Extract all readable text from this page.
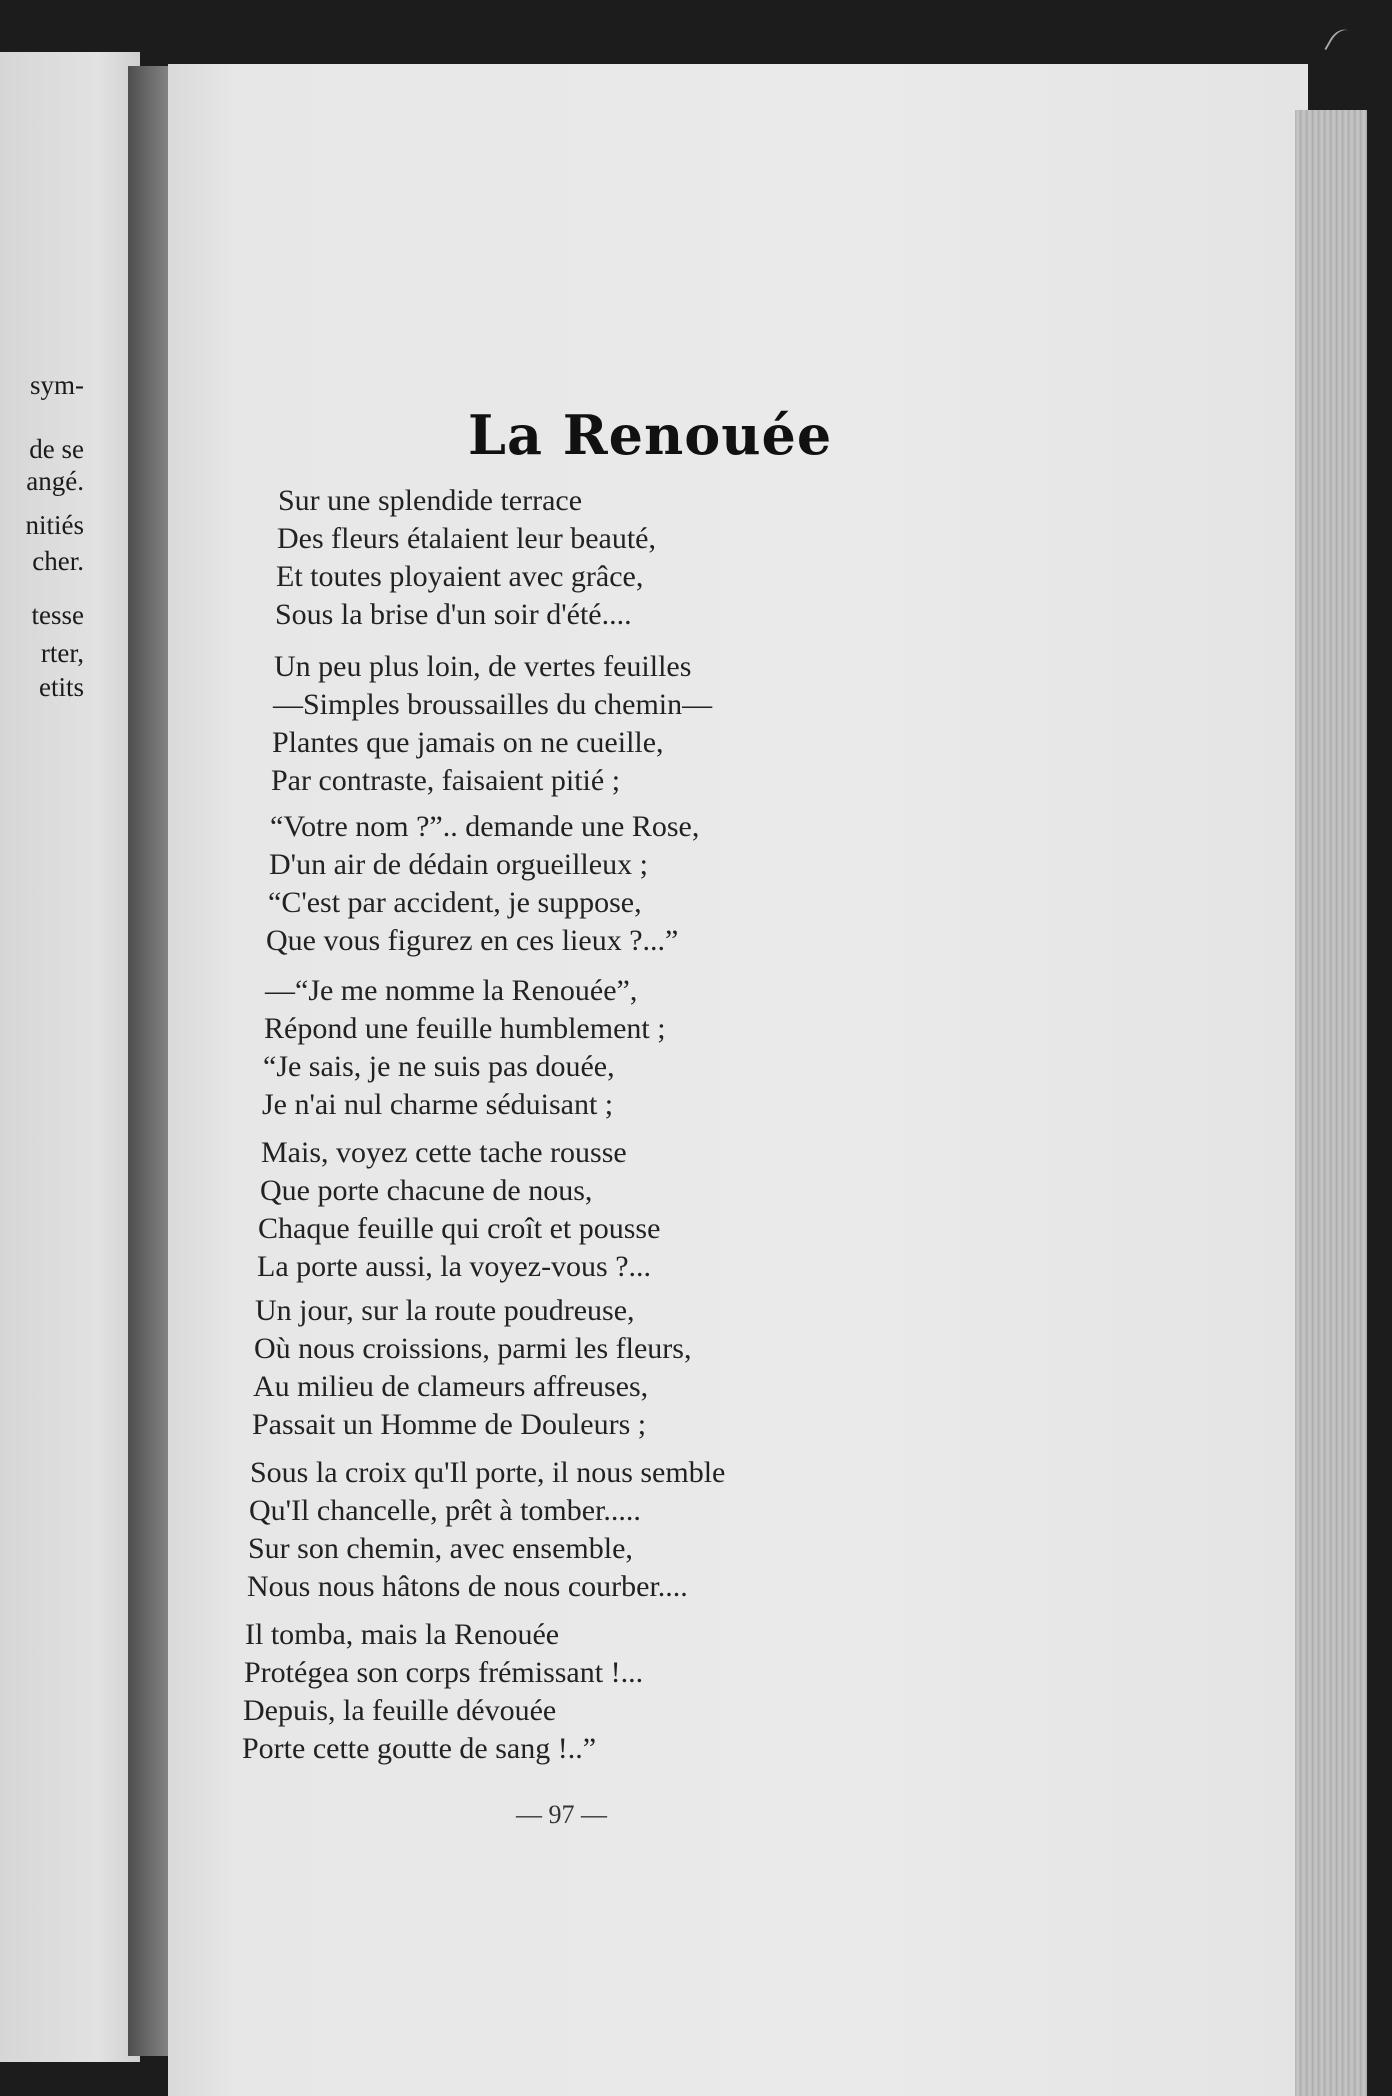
sym-

de se

angé.

nitiés

cher.

tesse

rter,

etits

La Renouée

Sur une splendide terrace

Des fleurs étalaient leur beauté,

Et toutes ployaient avec grâce,

Sous la brise d'un soir d'été....

Un peu plus loin, de vertes feuilles

—Simples broussailles du chemin—

Plantes que jamais on ne cueille,

Par contraste, faisaient pitié ;

“Votre nom ?”.. demande une Rose,

D'un air de dédain orgueilleux ;

“C'est par accident, je suppose,

Que vous figurez en ces lieux ?...”

—“Je me nomme la Renouée”,

Répond une feuille humblement ;

“Je sais, je ne suis pas douée,

Je n'ai nul charme séduisant ;

Mais, voyez cette tache rousse

Que porte chacune de nous,

Chaque feuille qui croît et pousse

La porte aussi, la voyez-vous ?...

Un jour, sur la route poudreuse,

Où nous croissions, parmi les fleurs,

Au milieu de clameurs affreuses,

Passait un Homme de Douleurs ;

Sous la croix qu'Il porte, il nous semble

Qu'Il chancelle, prêt à tomber.....

Sur son chemin, avec ensemble,

Nous nous hâtons de nous courber....

Il tomba, mais la Renouée

Protégea son corps frémissant !...

Depuis, la feuille dévouée

Porte cette goutte de sang !..”

— 97 —
